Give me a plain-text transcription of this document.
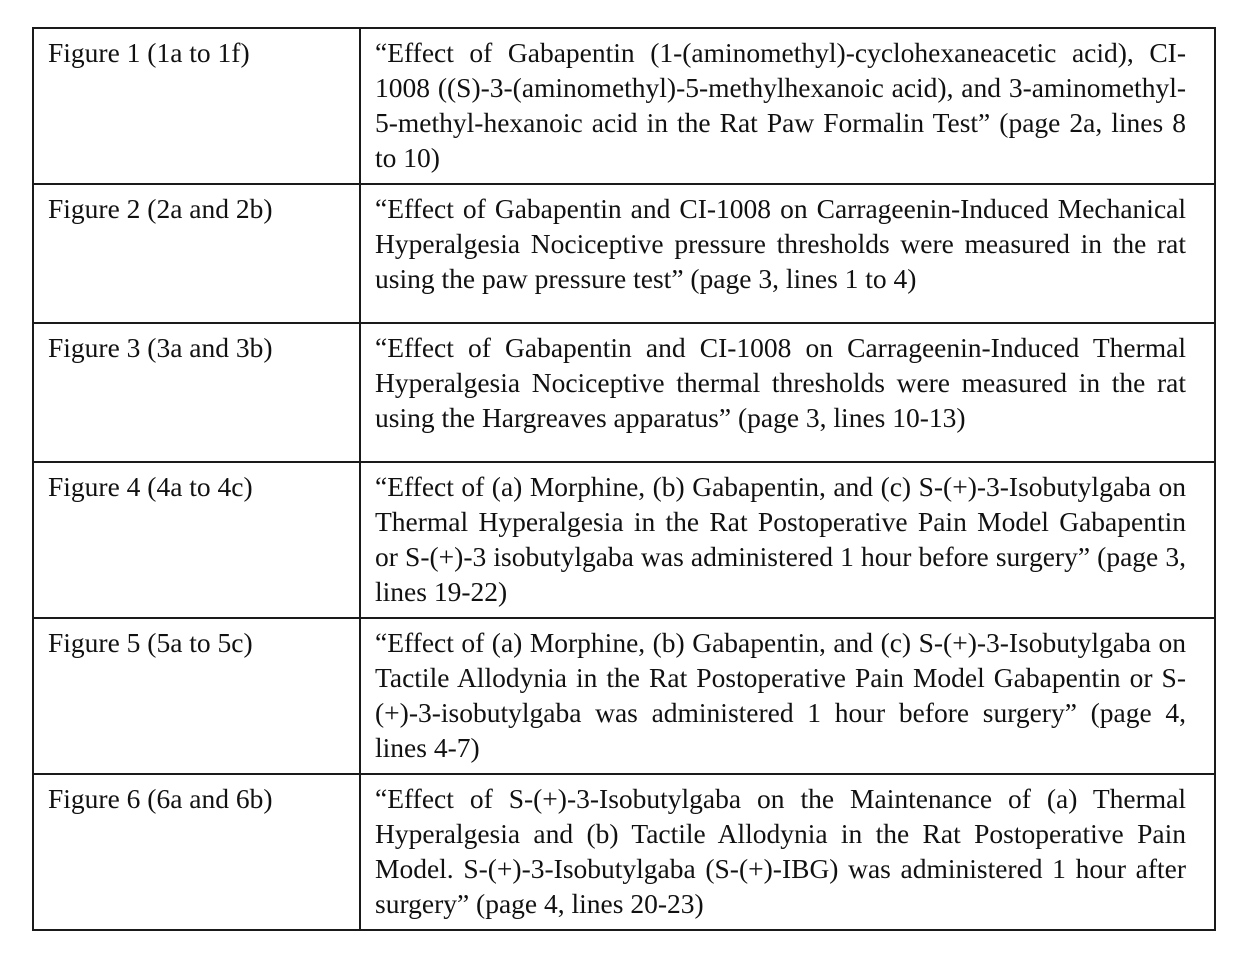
Figure 1 (1a to 1f)	“Effect of Gabapentin (1-(aminomethyl)-cyclohexaneacetic acid), CI-1008 ((S)-3-(aminomethyl)-5-methylhexanoic acid), and 3-aminomethyl-5-methyl-hexanoic acid in the Rat Paw Formalin Test” (page 2a, lines 8 to 10)
Figure 2 (2a and 2b)	“Effect of Gabapentin and CI-1008 on Carrageenin-Induced Mechanical Hyperalgesia Nociceptive pressure thresholds were measured in the rat using the paw pressure test” (page 3, lines 1 to 4)
Figure 3 (3a and 3b)	“Effect of Gabapentin and CI-1008 on Carrageenin-Induced Thermal Hyperalgesia Nociceptive thermal thresholds were measured in the rat using the Hargreaves apparatus” (page 3, lines 10-13)
Figure 4 (4a to 4c)	“Effect of (a) Morphine, (b) Gabapentin, and (c) S-(+)-3-Isobutylgaba on Thermal Hyperalgesia in the Rat Postoperative Pain Model Gabapentin or S-(+)-3 isobutylgaba was administered 1 hour before surgery” (page 3, lines 19-22)
Figure 5 (5a to 5c)	“Effect of (a) Morphine, (b) Gabapentin, and (c) S-(+)-3-Isobutylgaba on Tactile Allodynia in the Rat Postoperative Pain Model Gabapentin or S-(+)-3-isobutylgaba was administered 1 hour before surgery” (page 4, lines 4-7)
Figure 6 (6a and 6b)	“Effect of S-(+)-3-Isobutylgaba on the Maintenance of (a) Thermal Hyperalgesia and (b) Tactile Allodynia in the Rat Postoperative Pain Model. S-(+)-3-Isobutylgaba (S-(+)-IBG) was administered 1 hour after surgery” (page 4, lines 20-23)
